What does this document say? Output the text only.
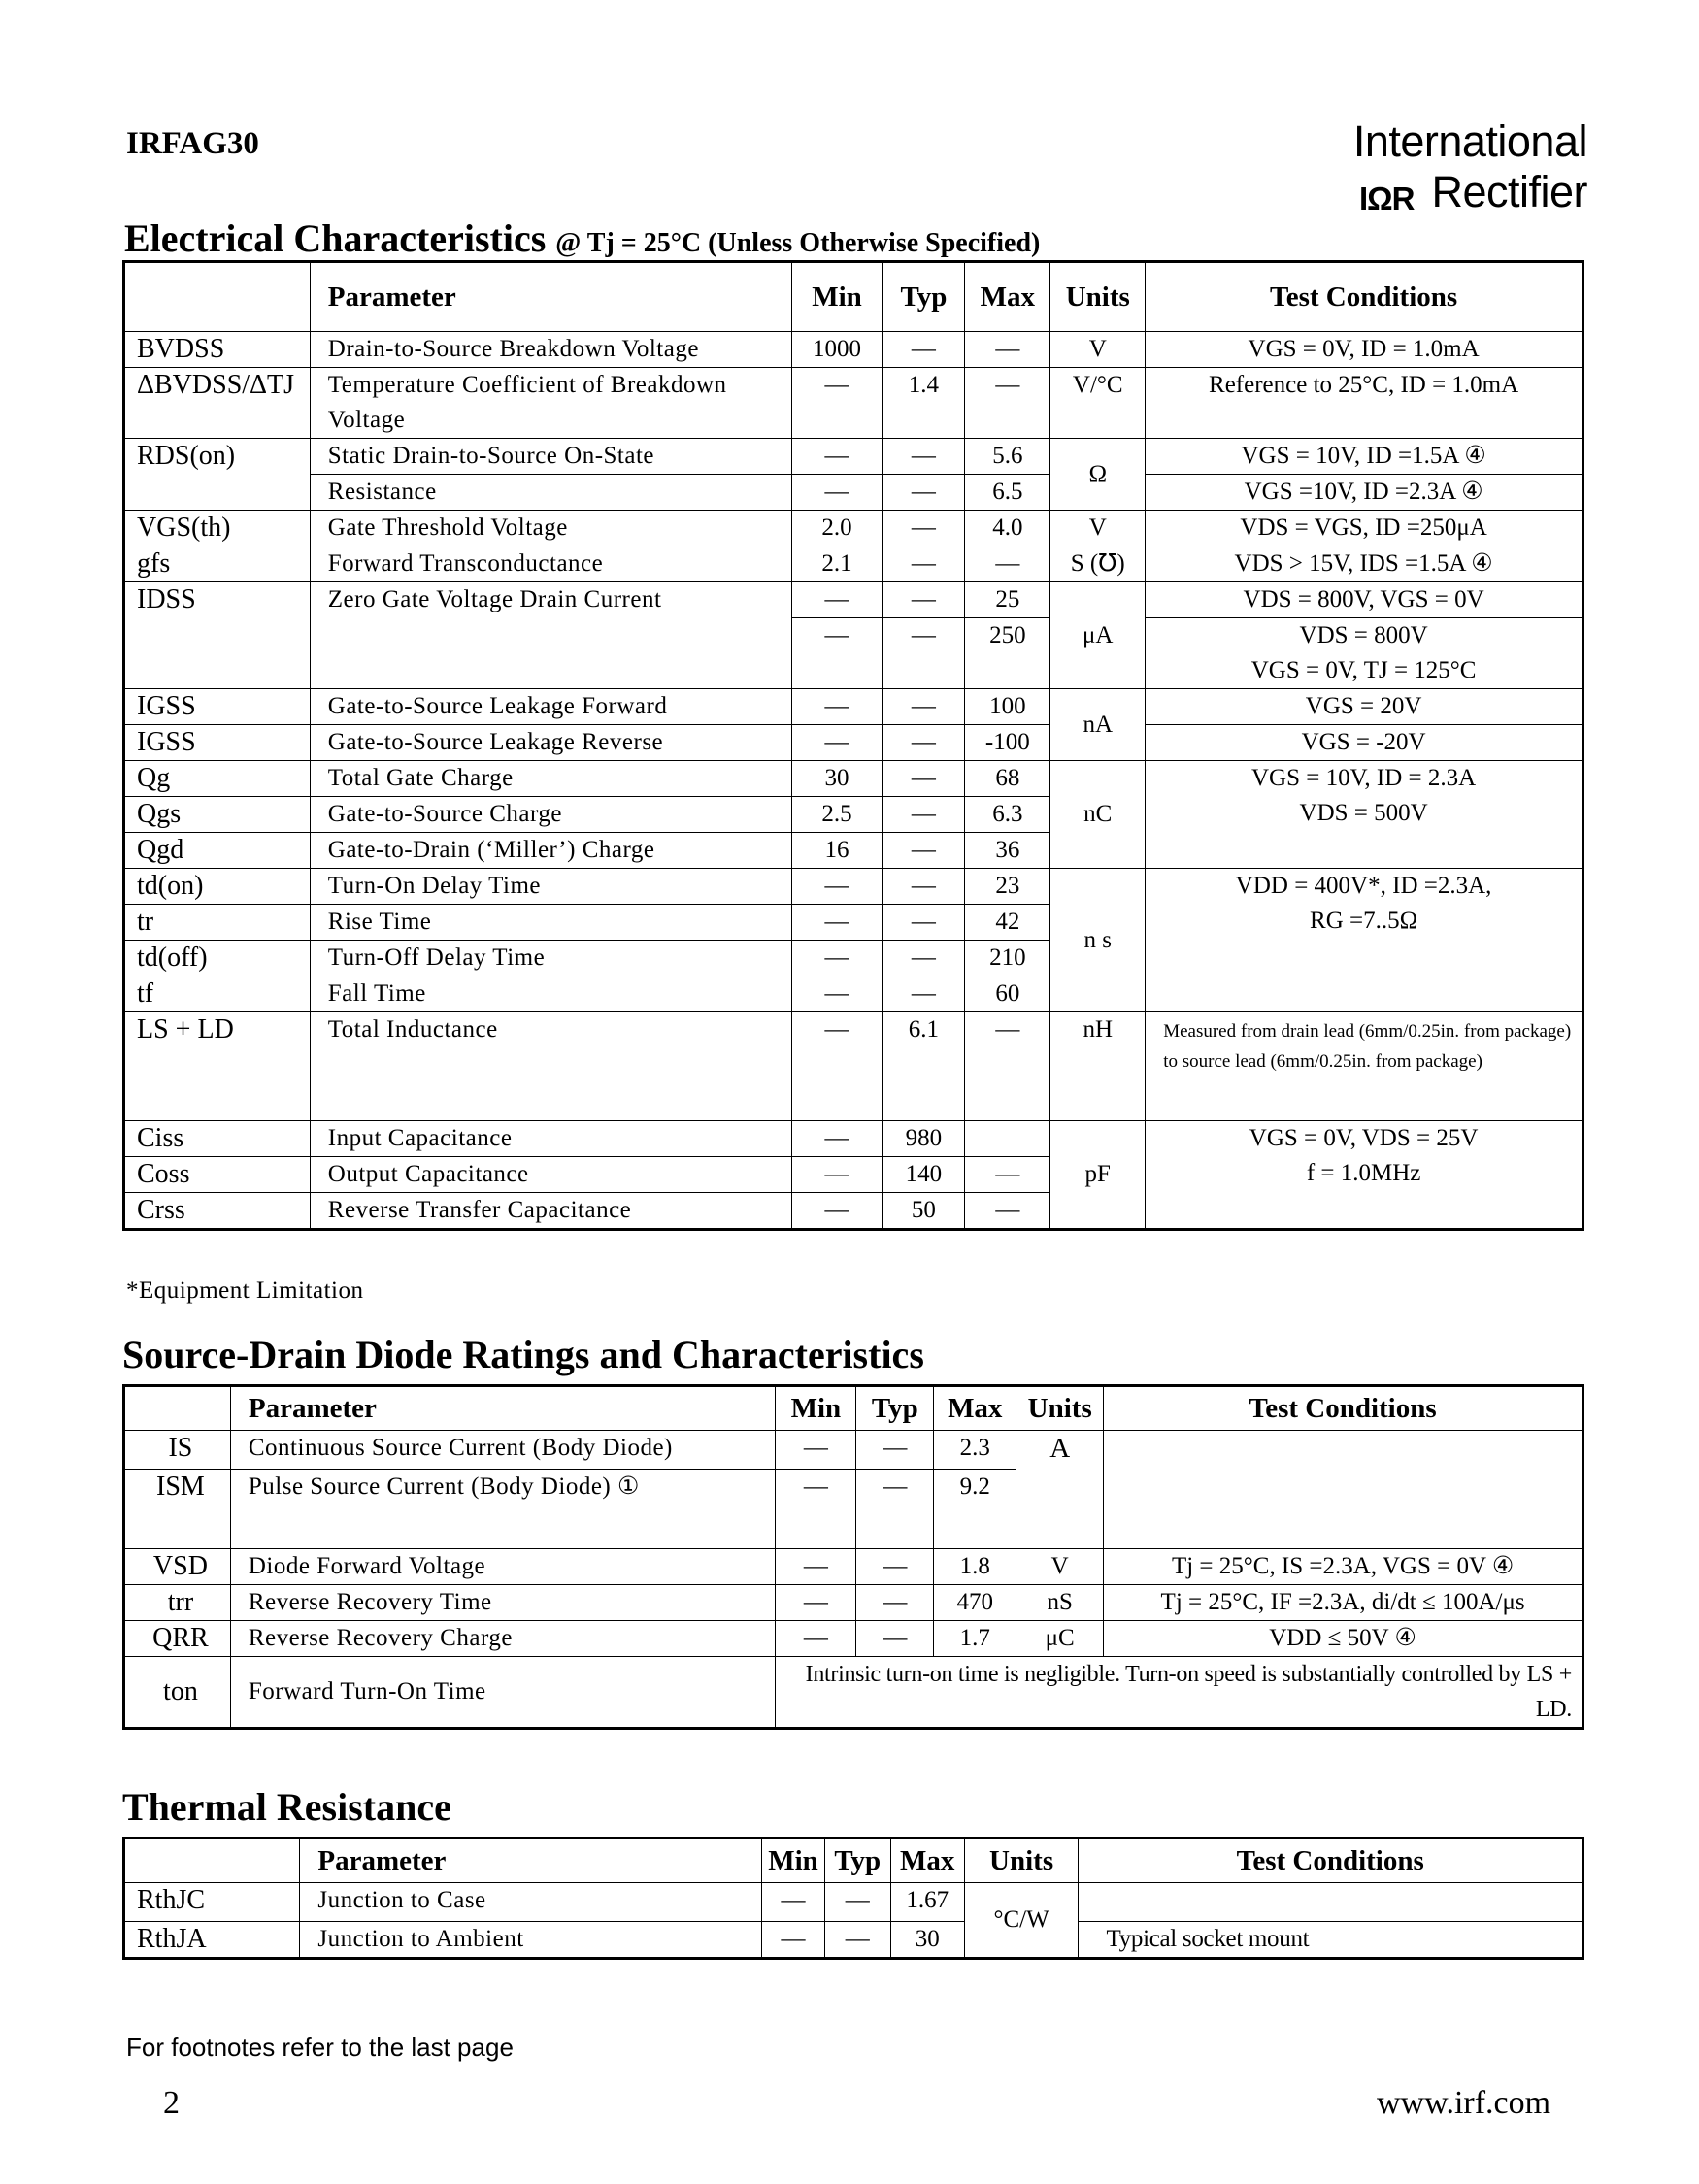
IRFAG30	International
IΩR Rectifier
Electrical Characteristics @ Tj = 25°C (Unless Otherwise Specified)
	Parameter	Min	Typ	Max	Units	Test Conditions
BVDSS	Drain-to-Source Breakdown Voltage	1000	—	—	V	VGS = 0V, ID = 1.0mA
ΔBVDSS/ΔTJ	Temperature Coefficient of Breakdown Voltage	—	1.4	—	V/°C	Reference to 25°C, ID = 1.0mA
RDS(on)	Static Drain-to-Source On-State	—	—	5.6	Ω	VGS = 10V, ID =1.5A ④
	Resistance	—	—	6.5		VGS =10V, ID =2.3A ④
VGS(th)	Gate Threshold Voltage	2.0	—	4.0	V	VDS = VGS, ID =250μA
gfs	Forward Transconductance	2.1	—	—	S (℧)	VDS > 15V, IDS =1.5A ④
IDSS	Zero Gate Voltage Drain Current	—	—	25	μA	VDS = 800V, VGS = 0V
		—	—	250		VDS = 800V
VGS = 0V, TJ = 125°C

IGSS	Gate-to-Source Leakage Forward	—	—	100	nA	VGS = 20V
IGSS	Gate-to-Source Leakage Reverse	—	—	-100		VGS = -20V
Qg	Total Gate Charge	30	—	68	nC	VGS = 10V, ID = 2.3A
VDS = 500V

Qgs	Gate-to-Source Charge	2.5	—	6.3		
Qgd	Gate-to-Drain (‘Miller’) Charge	16	—	36		
td(on)	Turn-On Delay Time	—	—	23	n s	VDD = 400V*, ID =2.3A,
RG =7..5Ω

tr	Rise Time	—	—	42		
td(off)	Turn-Off Delay Time	—	—	210		
tf	Fall Time	—	—	60		
LS + LD	Total Inductance	—	6.1	—	nH	Measured from drain lead (6mm/0.25in. from package) to source lead (6mm/0.25in. from package)
Ciss	Input Capacitance	—	980		pF	VGS = 0V, VDS = 25V
f = 1.0MHz

Coss	Output Capacitance	—	140	—		
Crss	Reverse Transfer Capacitance	—	50	—		
*Equipment Limitation
Source-Drain Diode Ratings and Characteristics
	Parameter	Min	Typ	Max	Units	Test Conditions
IS	Continuous Source Current (Body Diode)	—	—	2.3	A	
ISM	Pulse Source Current (Body Diode) ①	—	—	9.2		
VSD	Diode Forward Voltage	—	—	1.8	V	Tj = 25°C, IS =2.3A, VGS = 0V ④
trr	Reverse Recovery Time	—	—	470	nS	Tj = 25°C, IF =2.3A, di/dt ≤ 100A/μs
QRR	Reverse Recovery Charge	—	—	1.7	μC	VDD ≤ 50V ④
ton	Forward Turn-On Time	Intrinsic turn-on time is negligible. Turn-on speed is substantially controlled by LS + LD.				
Thermal Resistance
	Parameter	Min	Typ	Max	Units	Test Conditions
RthJC	Junction to Case	—	—	1.67	°C/W	
RthJA	Junction to Ambient	—	—	30		Typical socket mount
For footnotes refer to the last page
2	www.irf.com
